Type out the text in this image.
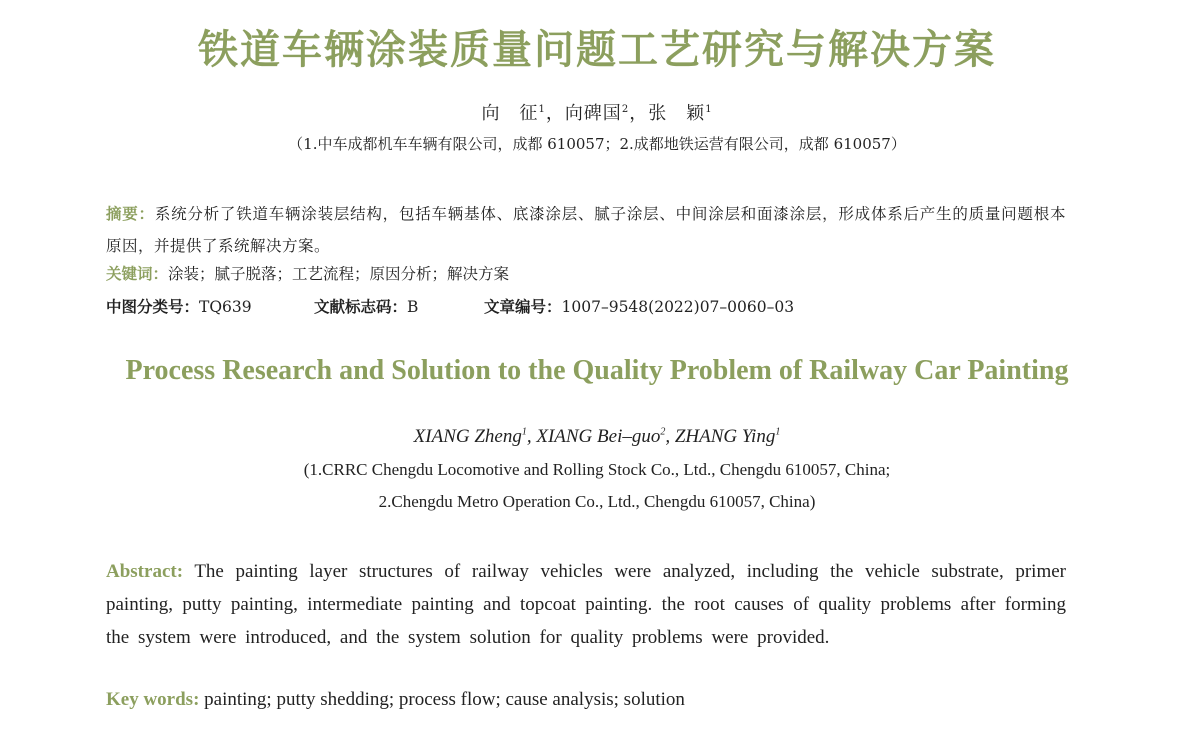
铁道车辆涂装质量问题工艺研究与解决方案
向　征$^1$，向碑国$^2$，张　颖$^1$
（1.中车成都机车车辆有限公司，成都 610057；2.成都地铁运营有限公司，成都 610057）
摘要：系统分析了铁道车辆涂装层结构，包括车辆基体、底漆涂层、腻子涂层、中间涂层和面漆涂层，形成体系后产生的质量问题根本原因，并提供了系统解决方案。
关键词：涂装；腻子脱落；工艺流程；原因分析；解决方案
中图分类号：TQ639	文献标志码：B	文章编号：1007–9548(2022)07–0060–03
Process Research and Solution to the Quality Problem of Railway Car Painting
XIANG Zheng$^1$, XIANG Bei–guo$^2$, ZHANG Ying$^1$
(1.CRRC Chengdu Locomotive and Rolling Stock Co., Ltd., Chengdu 610057, China;
2.Chengdu Metro Operation Co., Ltd., Chengdu 610057, China)
Abstract: The painting layer structures of railway vehicles were analyzed, including the vehicle substrate, primer painting, putty painting, intermediate painting and topcoat painting. the root causes of quality problems after forming the system were introduced, and the system solution for quality problems were provided.
Key words: painting; putty shedding; process flow; cause analysis; solution
